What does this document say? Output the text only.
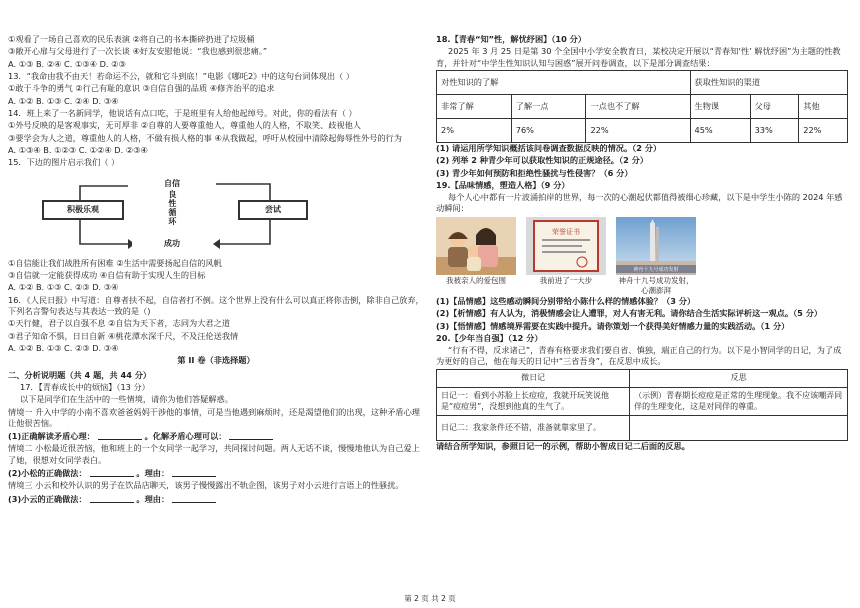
①观看了一场自己喜欢的民乐表演 ②将自己的书本撕碎扔进了垃圾桶

③敞开心扉与父母进行了一次长谈 ④好友安慰他说：“我也感到很悲痛。”

A. ①③ B. ②④ C. ①③④ D. ②③

13．“我命由我不由天！若命运不公，就和它斗到底！”电影《哪吒2》中的这句台词体现出（ ）

①敢于斗争的勇气 ②行己有耻的意识 ③自信自强的品质 ④修齐治平的追求

A. ①② B. ①③ C. ②④ D. ③④

14．班上来了一名新同学，他说话有点口吃，于是班里有人给他起绰号。对此，你的看法有（ ）

①外号反映的是客观事实，无可厚非 ②自尊的人要尊重他人，尊重他人的人格，不取笑、歧视他人

③要学会为人之道，尊重他人的人格，不做有损人格的事 ④从我做起，呼吁从校园中清除起侮辱性外号的行为

A. ①③④ B. ①②③ C. ①②④ D. ②③④

15．下边的图片启示我们（ ）

自信
积极乐观	尝试
成功
良性循环

①自信能让我们战胜所有困难 ②生活中需要扬起自信的风帆

③自信就一定能获得成功 ④自信有助于实现人生的目标

A. ①② B. ①③ C. ②③ D. ③④

16．《人民日报》中写道：自尊者扶不起，自信者打不倒。这个世界上没有什么可以真正将你击倒，除非自己放弃，下列名言警句表达与其表达一致的是（)

①天行健，君子以自强不息 ②自信为天下者，志同为大君之道

③君子知命不惧，日日自新 ④桃花潭水深千尺，不及汪伦送我情

A. ①② B. ①③ C. ②③ D. ③④

第 II 卷（非选择题）

二、分析说明题（共 4 题，共 44 分）

17．【青春成长中的烦恼】（13 分）

以下是同学们在生活中的一些情境，请你为他们答疑解惑。

情境一 升入中学的小南不喜欢爸爸妈妈干涉他的事情，可是当他遇到麻烦时，还是渴望他们的出现，这种矛盾心理让他很苦恼。

(1)正确解读矛盾心理：	。化解矛盾心理可以：

情境二 小松最近很苦恼，他和班上的一个女同学一起学习，共同探讨问题。两人无话不谈，慢慢地他认为自己爱上了她，很想对女同学表白。

(2)小松的正确做法：	。理由：

情境三 小云和校外认识的男子在饮品店聊天，该男子慢慢露出不轨企图，该男子对小云进行言语上的性骚扰。

(3)小云的正确做法：	。理由：

18.【青春“知”性，解忧纾困】（10 分）

2025 年 3 月 25 日是第 30 个全国中小学安全教育日，某校决定开展以“青春知‘性’ 解忧纾困”为主题的性教育，并针对“中学生性知识认知与困惑”展开问卷调查，以下是部分调查结果：

对性知识的了解			获取性知识的渠道		
非常了解	了解一点	一点也不了解	生物课	父母	其他
2%	76%	22%	45%	33%	22%

(1) 请运用所学知识概括该问卷调查数据反映的情况。（2 分）

(2) 列举 2 种青少年可以获取性知识的正规途径。（2 分）

(3) 青少年如何预防和拒绝性骚扰与性侵害？（6 分）

19.【品味情感，塑造人格】（9 分）

每个人心中都有一片波涌拍岸的世界，每一次的心潮起伏都值得被细心珍藏，以下是中学生小陈的 2024 年感动瞬间：

荣誉证书
神舟十九号成功发射
我被亲人的爱包围	我前进了一大步	神舟十九号成功发射，心潮澎湃

(1)【品情感】这些感动瞬间分别带给小陈什么样的情感体验？（3 分）

(2)【析情感】有人认为，消极情感会让人遭罪，对人有害无利。请你结合生活实际评析这一观点。（5 分）

(3)【悟情感】情感境界需要在实践中提升。请你策划一个获得美好情感力量的实践活动。（1 分）

20.【少年当自强】（12 分）

“行有不得，反求诸己”，青春有格要求我们要自省、慎独，端正自己的行为。以下是小智同学的日记，为了成为更好的自己，他在每天的日记中“三省吾身”，在反思中成长。

微日记	反思
日记一：看到小苏脸上长痘痘，我就开玩笑说他是“痘痘男”，没想到他真的生气了。	（示例）青春期长痘痘是正常的生理现象。我不应该嘲弄同伴的生理变化，这是对同伴的尊重。
日记二：我家条件还不错，准备就靠家里了。	

请结合所学知识，参照日记一的示例，帮助小智成日记二后面的反思。

第 2 页 共 2 页
